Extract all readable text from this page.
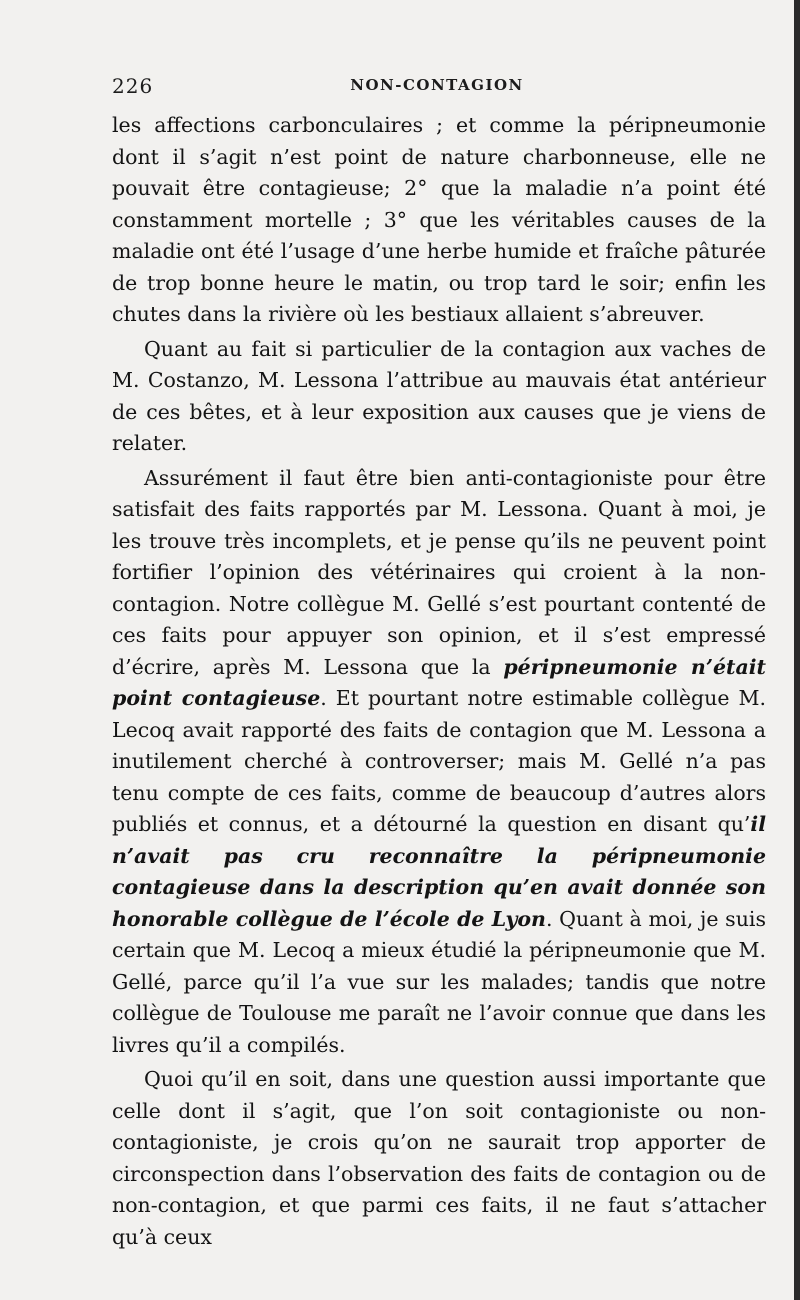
226	NON-CONTAGION

les affections carbonculaires ; et comme la péripneumonie dont il s’agit n’est point de nature charbonneuse, elle ne pouvait être contagieuse; 2° que la maladie n’a point été constamment mortelle ; 3° que les véritables causes de la maladie ont été l’usage d’une herbe humide et fraîche pâturée de trop bonne heure le matin, ou trop tard le soir; enfin les chutes dans la rivière où les bestiaux allaient s’abreuver.

Quant au fait si particulier de la contagion aux vaches de M. Costanzo, M. Lessona l’attribue au mauvais état antérieur de ces bêtes, et à leur exposition aux causes que je viens de relater.

Assurément il faut être bien anti-contagioniste pour être satisfait des faits rapportés par M. Lessona. Quant à moi, je les trouve très incomplets, et je pense qu’ils ne peuvent point fortifier l’opinion des vétérinaires qui croient à la non-contagion. Notre collègue M. Gellé s’est pourtant contenté de ces faits pour appuyer son opinion, et il s’est empressé d’écrire, après M. Lessona que la péripneumonie n’était point contagieuse. Et pourtant notre estimable collègue M. Lecoq avait rapporté des faits de contagion que M. Lessona a inutilement cherché à controverser; mais M. Gellé n’a pas tenu compte de ces faits, comme de beaucoup d’autres alors publiés et connus, et a détourné la question en disant qu’il n’avait pas cru reconnaître la péripneumonie contagieuse dans la description qu’en avait donnée son honorable collègue de l’école de Lyon. Quant à moi, je suis certain que M. Lecoq a mieux étudié la péripneumonie que M. Gellé, parce qu’il l’a vue sur les malades; tandis que notre collègue de Toulouse me paraît ne l’avoir connue que dans les livres qu’il a compilés.

Quoi qu’il en soit, dans une question aussi importante que celle dont il s’agit, que l’on soit contagioniste ou non-contagioniste, je crois qu’on ne saurait trop apporter de circonspection dans l’observation des faits de contagion ou de non-contagion, et que parmi ces faits, il ne faut s’attacher qu’à ceux
